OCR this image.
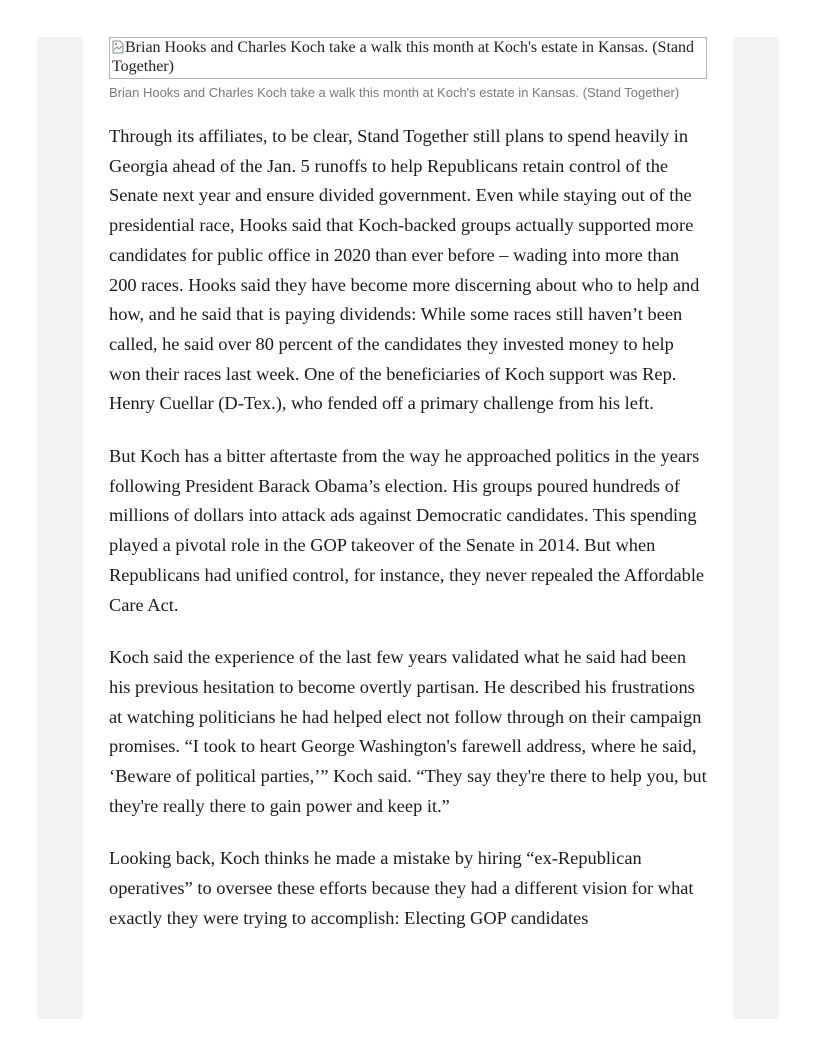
Brian Hooks and Charles Koch take a walk this month at Koch's estate in Kansas. (Stand Together)
Brian Hooks and Charles Koch take a walk this month at Koch's estate in Kansas. (Stand Together)

Through its affiliates, to be clear, Stand Together still plans to spend heavily in Georgia ahead of the Jan. 5 runoffs to help Republicans retain control of the Senate next year and ensure divided government. Even while staying out of the presidential race, Hooks said that Koch-backed groups actually supported more candidates for public office in 2020 than ever before – wading into more than 200 races. Hooks said they have become more discerning about who to help and how, and he said that is paying dividends: While some races still haven’t been called, he said over 80 percent of the candidates they invested money to help won their races last week. One of the beneficiaries of Koch support was Rep. Henry Cuellar (D-Tex.), who fended off a primary challenge from his left.

But Koch has a bitter aftertaste from the way he approached politics in the years following President Barack Obama’s election. His groups poured hundreds of millions of dollars into attack ads against Democratic candidates. This spending played a pivotal role in the GOP takeover of the Senate in 2014. But when Republicans had unified control, for instance, they never repealed the Affordable Care Act.

Koch said the experience of the last few years validated what he said had been his previous hesitation to become overtly partisan. He described his frustrations at watching politicians he had helped elect not follow through on their campaign promises. “I took to heart George Washington's farewell address, where he said, ‘Beware of political parties,’” Koch said. “They say they're there to help you, but they're really there to gain power and keep it.”

Looking back, Koch thinks he made a mistake by hiring “ex-Republican operatives” to oversee these efforts because they had a different vision for what exactly they were trying to accomplish: Electing GOP candidates
